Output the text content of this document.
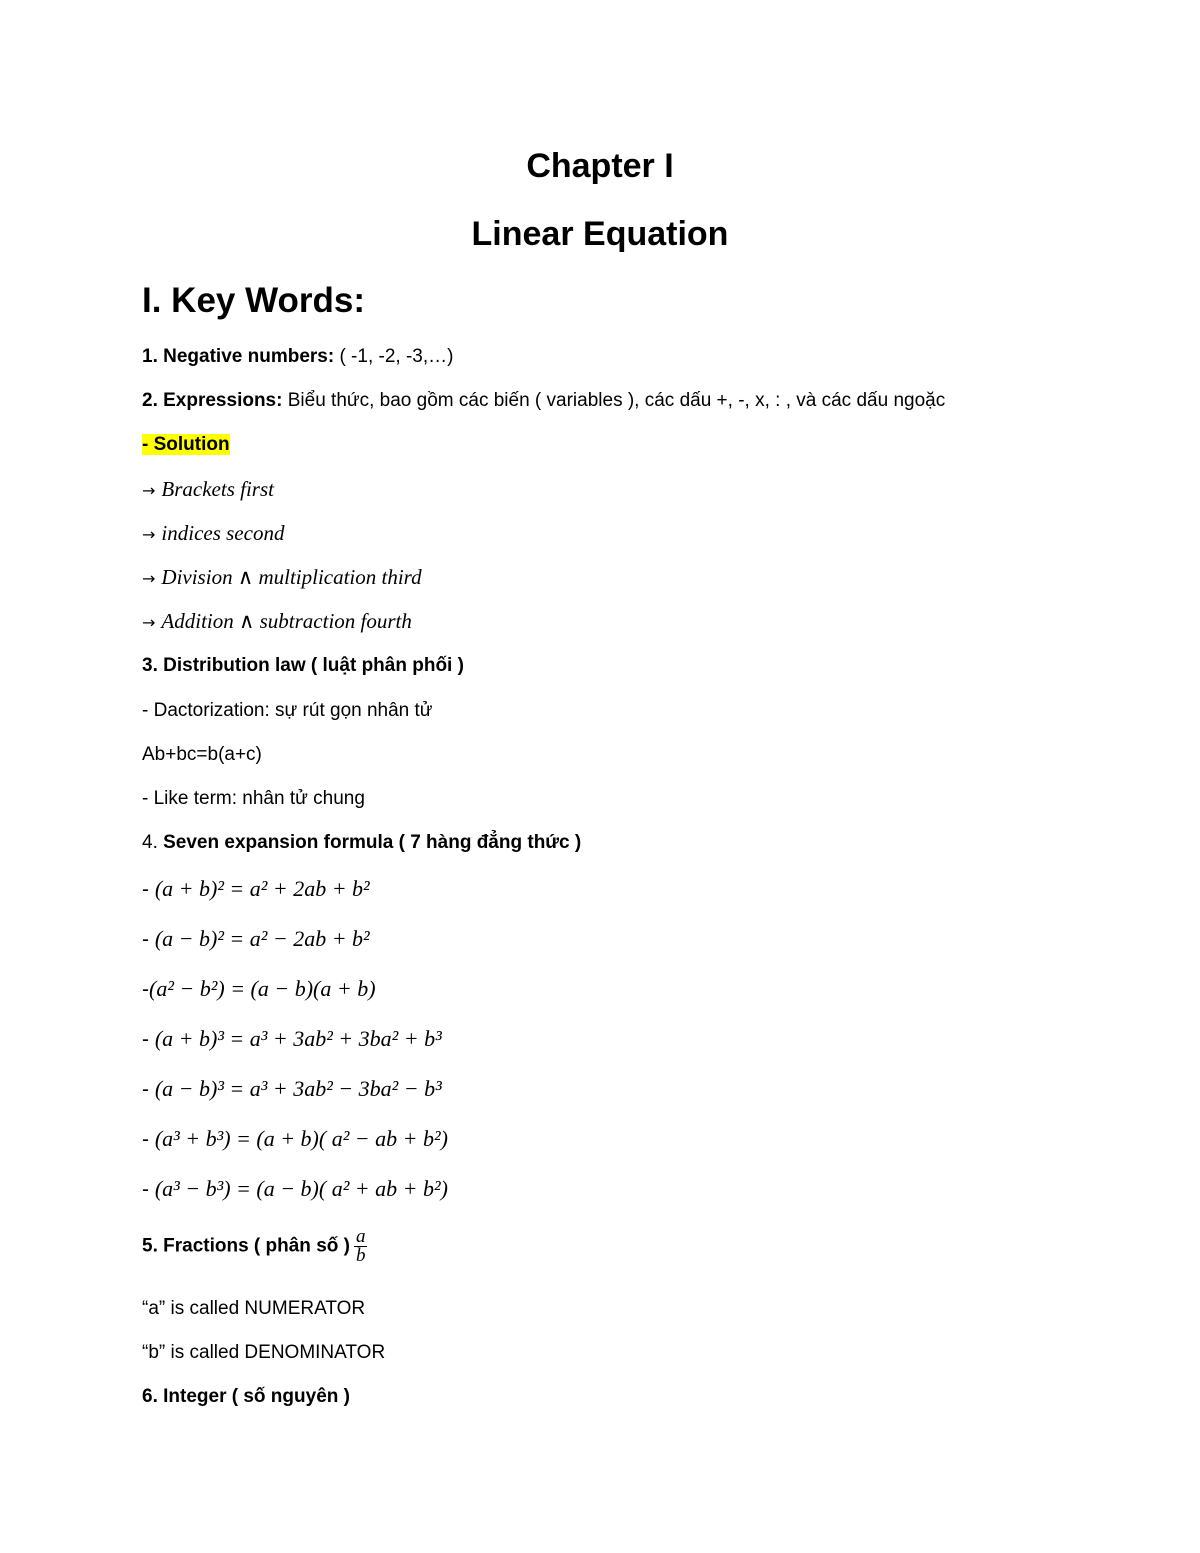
Chapter I
Linear Equation
I. Key Words:
1. Negative numbers: ( -1, -2, -3,…)
2. Expressions: Biểu thức, bao gồm các biến ( variables ), các dấu +, -, x, : , và các dấu ngoặc
- Solution
→ Brackets first
→ indices second
→ Division ∧ multiplication third
→ Addition ∧ subtraction fourth
3. Distribution law ( luật phân phối )
- Dactorization: sự rút gọn nhân tử
Ab+bc=b(a+c)
- Like term: nhân tử chung
4. Seven expansion formula ( 7 hàng đẳng thức )
- (a + b)² = a² + 2ab + b²
- (a − b)² = a² − 2ab + b²
-(a² − b²) = (a − b)(a + b)
- (a + b)³ = a³ + 3ab² + 3ba² + b³
- (a − b)³ = a³ + 3ab² − 3ba² − b³
- (a³ + b³) = (a + b)( a² − ab + b²)
- (a³ − b³) = (a − b)( a² + ab + b²)
5. Fractions ( phân số ) $\frac{a}{b}$
“a” is called NUMERATOR
“b” is called DENOMINATOR
6. Integer ( số nguyên )
